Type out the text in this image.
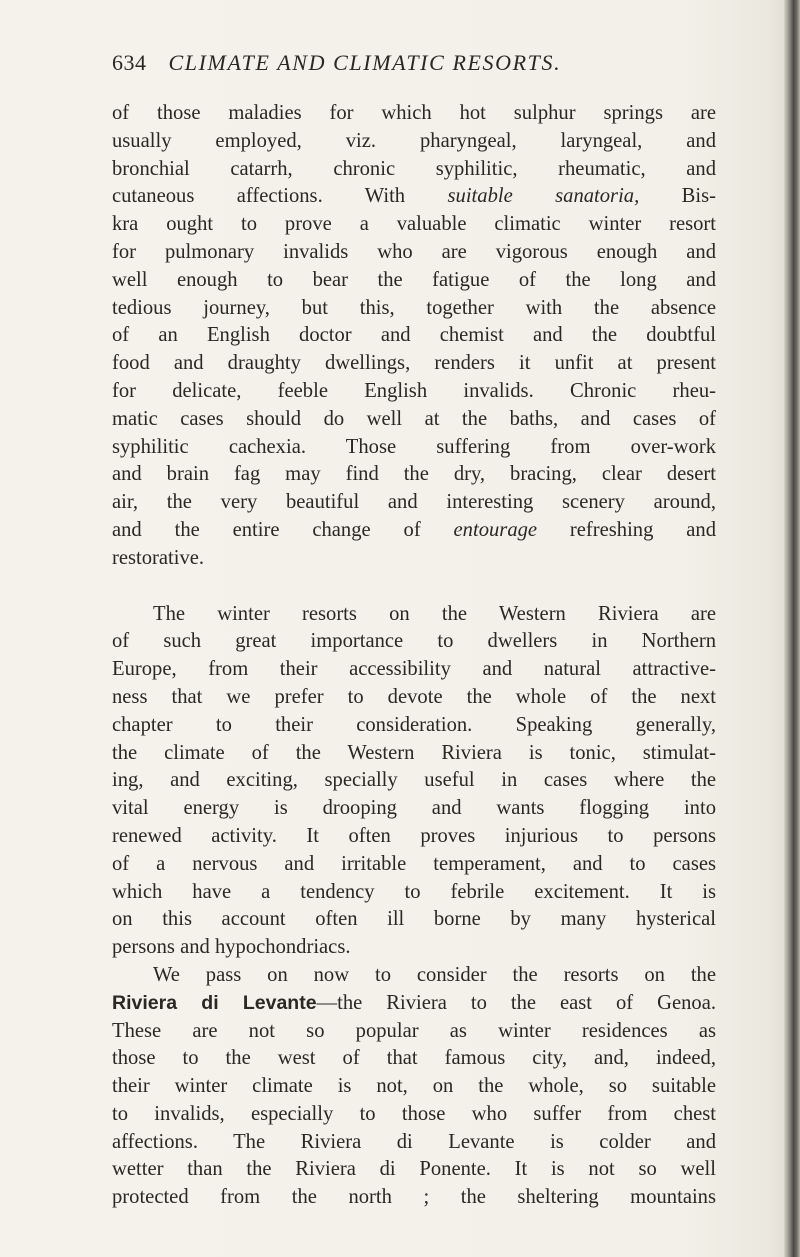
634 CLIMATE AND CLIMATIC RESORTS.
of those maladies for which hot sulphur springs are
usually employed, viz. pharyngeal, laryngeal, and
bronchial catarrh, chronic syphilitic, rheumatic, and
cutaneous affections. With suitable sanatoria, Bis-
kra ought to prove a valuable climatic winter resort
for pulmonary invalids who are vigorous enough and
well enough to bear the fatigue of the long and
tedious journey, but this, together with the absence
of an English doctor and chemist and the doubtful
food and draughty dwellings, renders it unfit at present
for delicate, feeble English invalids. Chronic rheu-
matic cases should do well at the baths, and cases of
syphilitic cachexia. Those suffering from over-work
and brain fag may find the dry, bracing, clear desert
air, the very beautiful and interesting scenery around,
and the entire change of entourage refreshing and
restorative.
The winter resorts on the Western Riviera are
of such great importance to dwellers in Northern
Europe, from their accessibility and natural attractive-
ness that we prefer to devote the whole of the next
chapter to their consideration. Speaking generally,
the climate of the Western Riviera is tonic, stimulat-
ing, and exciting, specially useful in cases where the
vital energy is drooping and wants flogging into
renewed activity. It often proves injurious to persons
of a nervous and irritable temperament, and to cases
which have a tendency to febrile excitement. It is
on this account often ill borne by many hysterical
persons and hypochondriacs.
We pass on now to consider the resorts on the
Riviera di Levante—the Riviera to the east of Genoa.
These are not so popular as winter residences as
those to the west of that famous city, and, indeed,
their winter climate is not, on the whole, so suitable
to invalids, especially to those who suffer from chest
affections. The Riviera di Levante is colder and
wetter than the Riviera di Ponente. It is not so well
protected from the north ; the sheltering mountains
